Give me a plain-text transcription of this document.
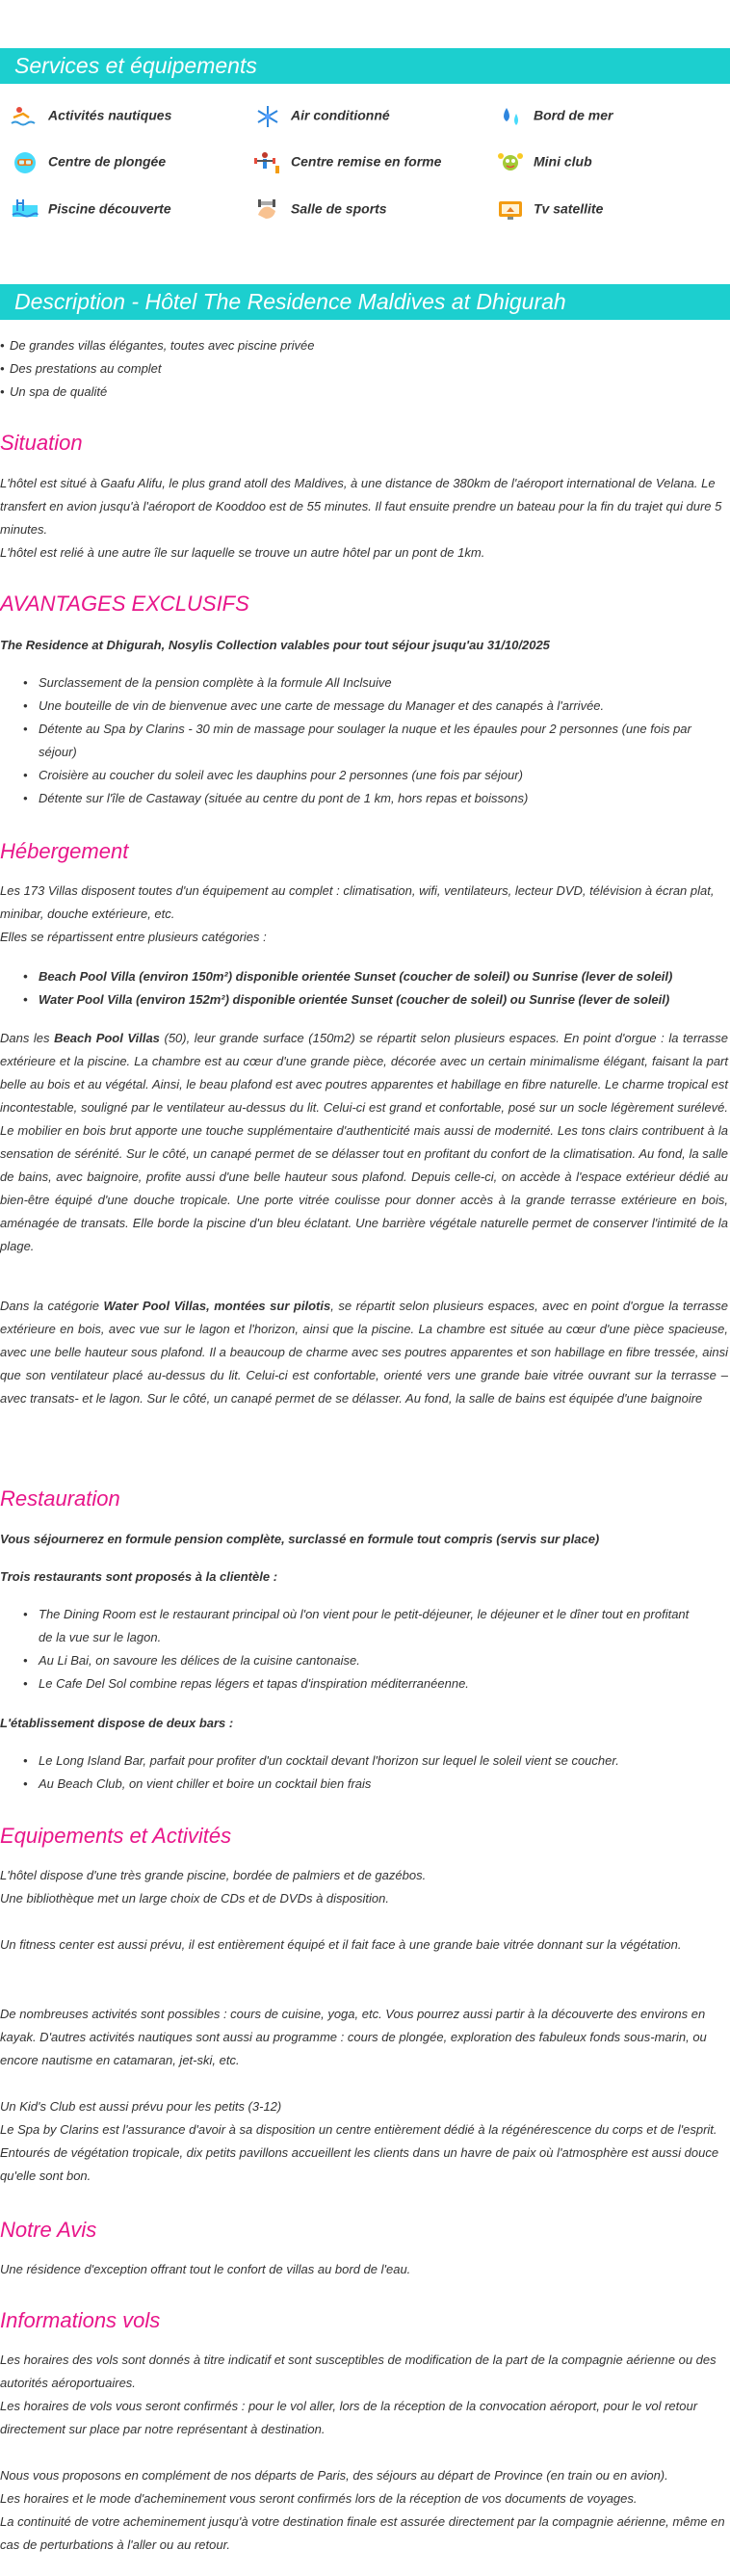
Services et équipements
Activités nautiques	Air conditionné	Bord de mer
Centre de plongée	Centre remise en forme	Mini club
Piscine découverte	Salle de sports	Tv satellite
Description - Hôtel The Residence Maldives at Dhigurah
• De grandes villas élégantes, toutes avec piscine privée
• Des prestations au complet
• Un spa de qualité
Situation

L'hôtel est situé à Gaafu Alifu, le plus grand atoll des Maldives, à une distance de 380km de l'aéroport international de Velana. Le transfert en avion jusqu'à l'aéroport de Kooddoo est de 55 minutes. Il faut ensuite prendre un bateau pour la fin du trajet qui dure 5 minutes.

L'hôtel est relié à une autre île sur laquelle se trouve un autre hôtel par un pont de 1km.

AVANTAGES EXCLUSIFS
The Residence at Dhigurah, Nosylis Collection valables pour tout séjour jsuqu'au 31/10/2025
• Surclassement de la pension complète à la formule All Inclsuive
• Une bouteille de vin de bienvenue avec une carte de message du Manager et des canapés à l'arrivée.
• Détente au Spa by Clarins - 30 min de massage pour soulager la nuque et les épaules pour 2 personnes (une fois par séjour)
• Croisière au coucher du soleil avec les dauphins pour 2 personnes (une fois par séjour)
• Détente sur l'île de Castaway (située au centre du pont de 1 km, hors repas et boissons)
Hébergement

Les 173 Villas disposent toutes d'un équipement au complet : climatisation, wifi, ventilateurs, lecteur DVD, télévision à écran plat, minibar, douche extérieure, etc.

Elles se répartissent entre plusieurs catégories :

• Beach Pool Villa (environ 150m²) disponible orientée Sunset (coucher de soleil) ou Sunrise (lever de soleil)
• Water Pool Villa (environ 152m²) disponible orientée Sunset (coucher de soleil) ou Sunrise (lever de soleil)
Dans les Beach Pool Villas (50), leur grande surface (150m2) se répartit selon plusieurs espaces. En point d'orgue : la terrasse extérieure et la piscine. La chambre est au cœur d'une grande pièce, décorée avec un certain minimalisme élégant, faisant la part belle au bois et au végétal. Ainsi, le beau plafond est avec poutres apparentes et habillage en fibre naturelle. Le charme tropical est incontestable, souligné par le ventilateur au-dessus du lit. Celui-ci est grand et confortable, posé sur un socle légèrement surélevé. Le mobilier en bois brut apporte une touche supplémentaire d'authenticité mais aussi de modernité. Les tons clairs contribuent à la sensation de sérénité. Sur le côté, un canapé permet de se délasser tout en profitant du confort de la climatisation. Au fond, la salle de bains, avec baignoire, profite aussi d'une belle hauteur sous plafond. Depuis celle-ci, on accède à l'espace extérieur dédié au bien-être équipé d'une douche tropicale. Une porte vitrée coulisse pour donner accès à la grande terrasse extérieure en bois, aménagée de transats. Elle borde la piscine d'un bleu éclatant. Une barrière végétale naturelle permet de conserver l'intimité de la plage.
Dans la catégorie Water Pool Villas, montées sur pilotis, se répartit selon plusieurs espaces, avec en point d'orgue la terrasse extérieure en bois, avec vue sur le lagon et l'horizon, ainsi que la piscine. La chambre est située au cœur d'une pièce spacieuse, avec une belle hauteur sous plafond. Il a beaucoup de charme avec ses poutres apparentes et son habillage en fibre tressée, ainsi que son ventilateur placé au-dessus du lit. Celui-ci est confortable, orienté vers une grande baie vitrée ouvrant sur la terrasse – avec transats- et le lagon. Sur le côté, un canapé permet de se délasser. Au fond, la salle de bains est équipée d'une baignoire
Restauration
Vous séjournerez en formule pension complète, surclassé en formule tout compris (servis sur place)
Trois restaurants sont proposés à la clientèle :
• The Dining Room est le restaurant principal où l'on vient pour le petit-déjeuner, le déjeuner et le dîner tout en profitant de la vue sur le lagon.
• Au Li Bai, on savoure les délices de la cuisine cantonaise.
• Le Cafe Del Sol combine repas légers et tapas d'inspiration méditerranéenne.
L'établissement dispose de deux bars :
• Le Long Island Bar, parfait pour profiter d'un cocktail devant l'horizon sur lequel le soleil vient se coucher.
• Au Beach Club, on vient chiller et boire un cocktail bien frais
Equipements et Activités

L'hôtel dispose d'une très grande piscine, bordée de palmiers et de gazébos.

Une bibliothèque met un large choix de CDs et de DVDs à disposition.

Un fitness center est aussi prévu, il est entièrement équipé et il fait face à une grande baie vitrée donnant sur la végétation.
De nombreuses activités sont possibles : cours de cuisine, yoga, etc. Vous pourrez aussi partir à la découverte des environs en kayak. D'autres activités nautiques sont aussi au programme : cours de plongée, exploration des fabuleux fonds sous-marin, ou encore nautisme en catamaran, jet-ski, etc.

Un Kid's Club est aussi prévu pour les petits (3-12)

Le Spa by Clarins est l'assurance d'avoir à sa disposition un centre entièrement dédié à la régénérescence du corps et de l'esprit. Entourés de végétation tropicale, dix petits pavillons accueillent les clients dans un havre de paix où l'atmosphère est aussi douce qu'elle sont bon.

Notre Avis
Une résidence d'exception offrant tout le confort de villas au bord de l'eau.
Informations vols

Les horaires des vols sont donnés à titre indicatif et sont susceptibles de modification de la part de la compagnie aérienne ou des autorités aéroportuaires.

Les horaires de vols vous seront confirmés : pour le vol aller, lors de la réception de la convocation aéroport, pour le vol retour directement sur place par notre représentant à destination.

Nous vous proposons en complément de nos départs de Paris, des séjours au départ de Province (en train ou en avion).

Les horaires et le mode d'acheminement vous seront confirmés lors de la réception de vos documents de voyages.

La continuité de votre acheminement jusqu'à votre destination finale est assurée directement par la compagnie aérienne, même en cas de perturbations à l'aller ou au retour.
